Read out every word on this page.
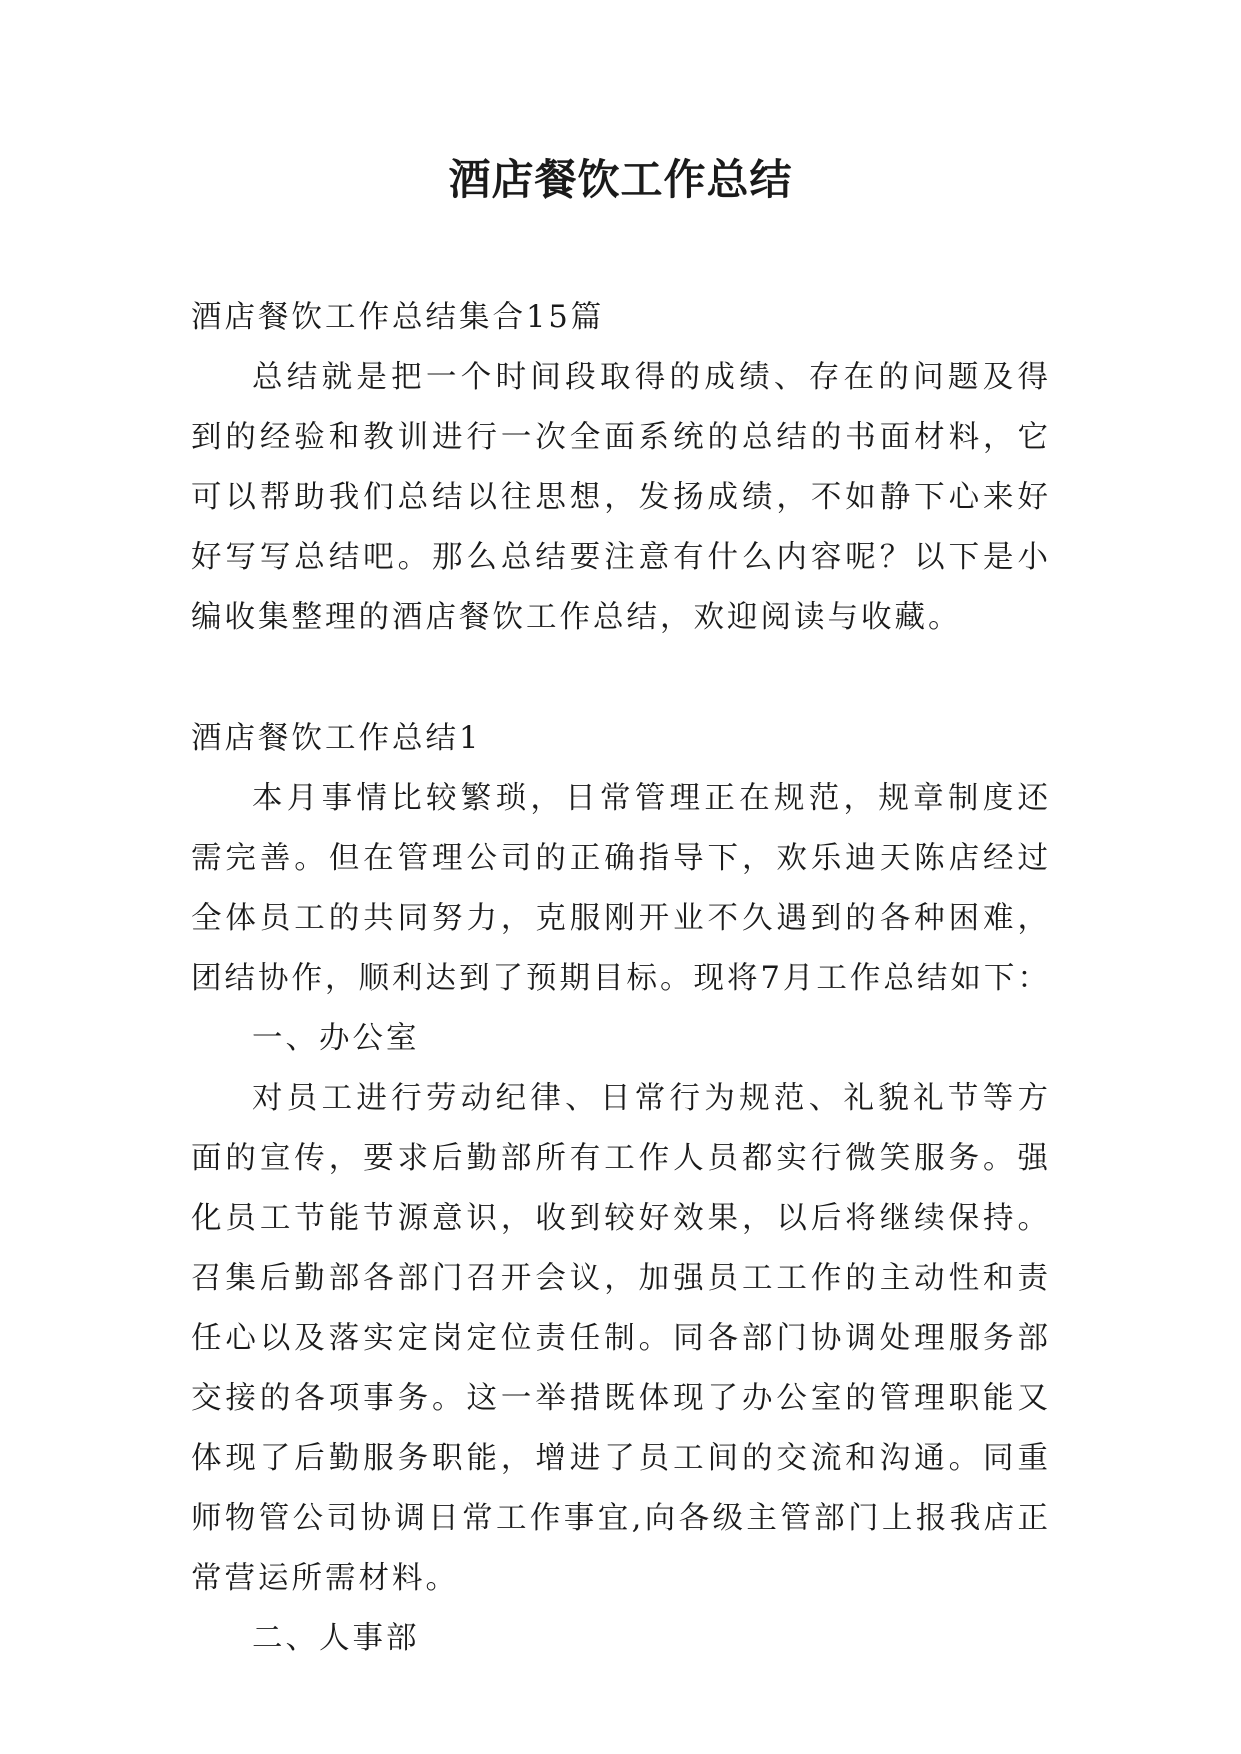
酒店餐饮工作总结

酒店餐饮工作总结集合15篇

总结就是把一个时间段取得的成绩、存在的问题及得到的经验和教训进行一次全面系统的总结的书面材料，它可以帮助我们总结以往思想，发扬成绩，不如静下心来好好写写总结吧。那么总结要注意有什么内容呢？以下是小编收集整理的酒店餐饮工作总结，欢迎阅读与收藏。

酒店餐饮工作总结1

本月事情比较繁琐，日常管理正在规范，规章制度还需完善。但在管理公司的正确指导下，欢乐迪天陈店经过全体员工的共同努力，克服刚开业不久遇到的各种困难，团结协作，顺利达到了预期目标。现将7月工作总结如下：

一、办公室

对员工进行劳动纪律、日常行为规范、礼貌礼节等方面的宣传，要求后勤部所有工作人员都实行微笑服务。强化员工节能节源意识，收到较好效果，以后将继续保持。召集后勤部各部门召开会议，加强员工工作的主动性和责任心以及落实定岗定位责任制。同各部门协调处理服务部交接的各项事务。这一举措既体现了办公室的管理职能又体现了后勤服务职能，增进了员工间的交流和沟通。同重师物管公司协调日常工作事宜,向各级主管部门上报我店正常营运所需材料。

二、人事部
